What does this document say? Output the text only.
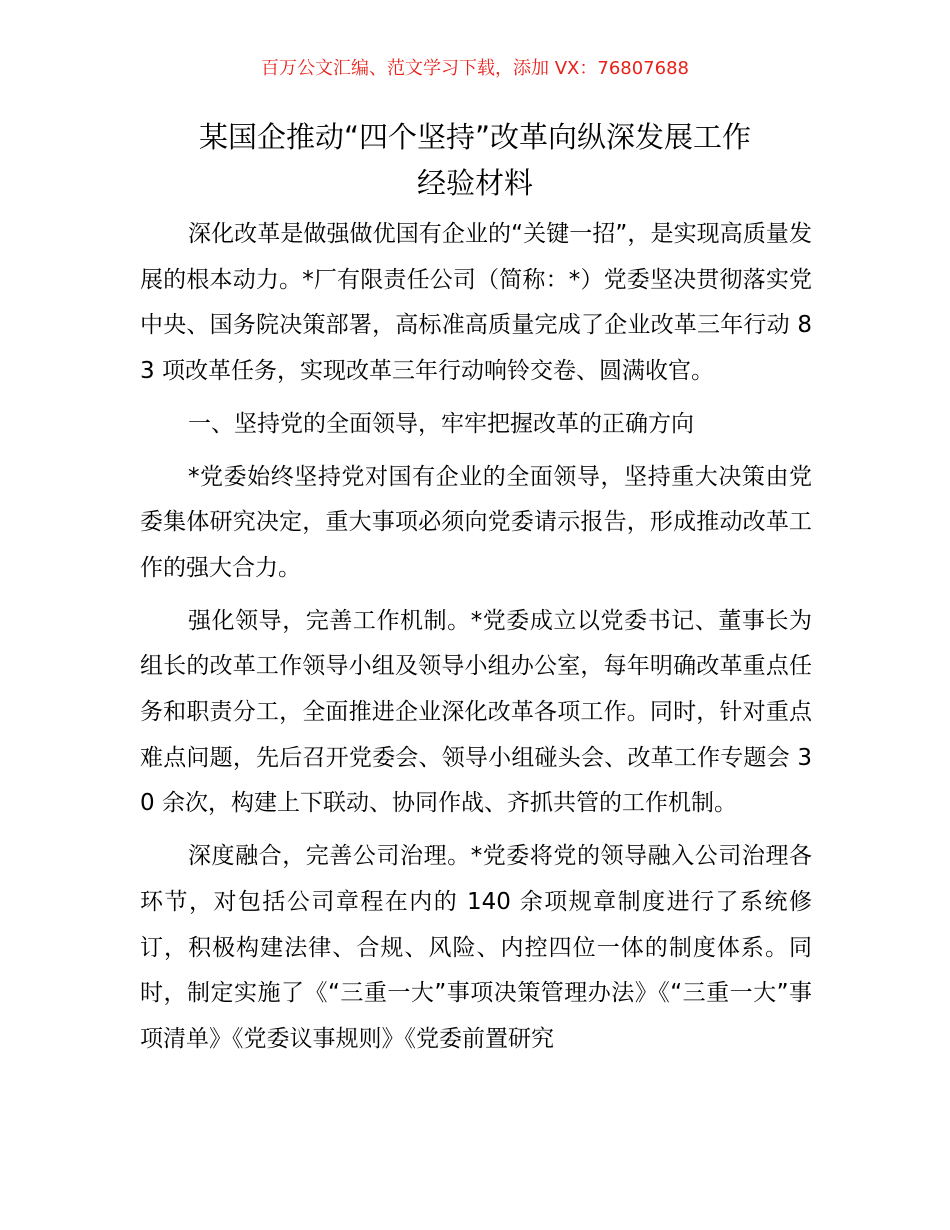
百万公文汇编、范文学习下载，添加 VX：76807688
某国企推动“四个坚持”改革向纵深发展工作
经验材料

深化改革是做强做优国有企业的“关键一招”，是实现高质量发展的根本动力。*厂有限责任公司（简称：*）党委坚决贯彻落实党中央、国务院决策部署，高标准高质量完成了企业改革三年行动 83 项改革任务，实现改革三年行动响铃交卷、圆满收官。

一、坚持党的全面领导，牢牢把握改革的正确方向

*党委始终坚持党对国有企业的全面领导，坚持重大决策由党委集体研究决定，重大事项必须向党委请示报告，形成推动改革工作的强大合力。

强化领导，完善工作机制。*党委成立以党委书记、董事长为组长的改革工作领导小组及领导小组办公室，每年明确改革重点任务和职责分工，全面推进企业深化改革各项工作。同时，针对重点难点问题，先后召开党委会、领导小组碰头会、改革工作专题会 30 余次，构建上下联动、协同作战、齐抓共管的工作机制。

深度融合，完善公司治理。*党委将党的领导融入公司治理各环节，对包括公司章程在内的 140 余项规章制度进行了系统修订，积极构建法律、合规、风险、内控四位一体的制度体系。同时，制定实施了《“三重一大”事项决策管理办法》《“三重一大”事项清单》《党委议事规则》《党委前置研究
